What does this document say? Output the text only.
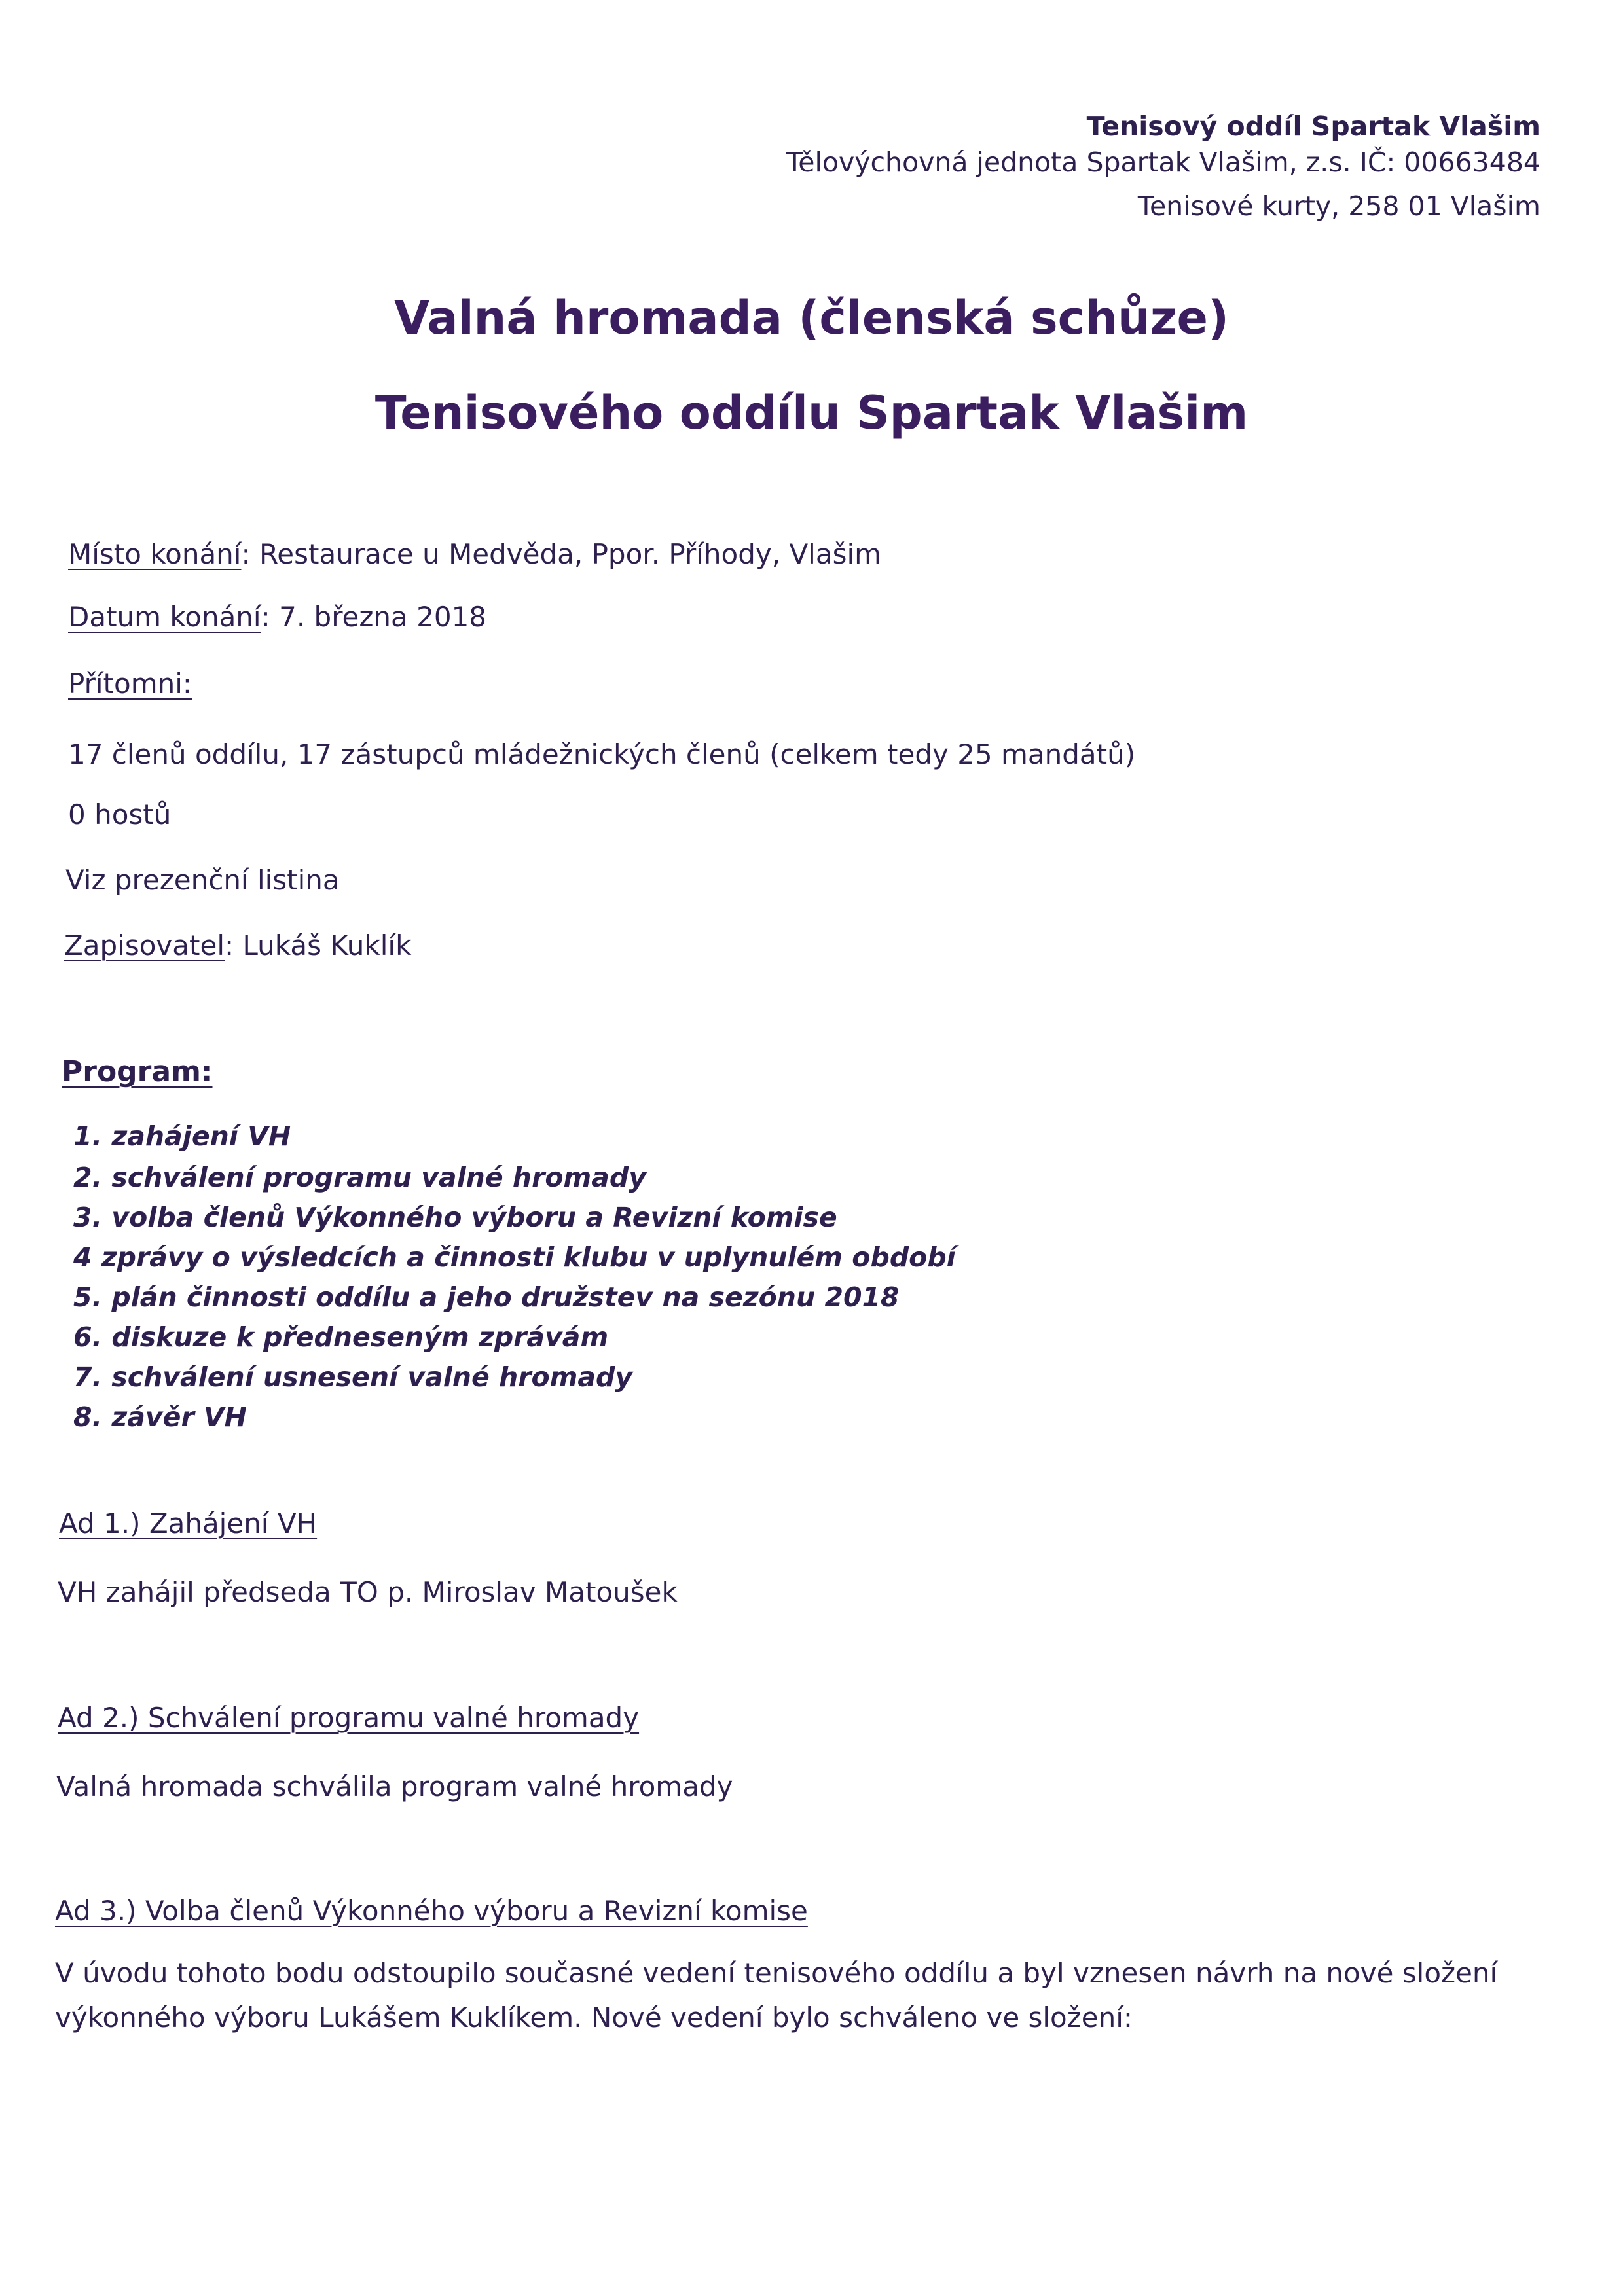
Tenisový oddíl Spartak Vlašim
Tělovýchovná jednota Spartak Vlašim, z.s. IČ: 00663484
Tenisové kurty, 258 01 Vlašim
Valná hromada (členská schůze)
Tenisového oddílu Spartak Vlašim
Místo konání: Restaurace u Medvěda, Ppor. Příhody, Vlašim
Datum konání: 7. března 2018
Přítomni:
17 členů oddílu, 17 zástupců mládežnických členů (celkem tedy 25 mandátů)
0 hostů
Viz prezenční listina
Zapisovatel: Lukáš Kuklík
Program:
1. zahájení VH
2. schválení programu valné hromady
3. volba členů Výkonného výboru a Revizní komise
4 zprávy o výsledcích a činnosti klubu v uplynulém období
5. plán činnosti oddílu a jeho družstev na sezónu 2018
6. diskuze k předneseným zprávám
7. schválení usnesení valné hromady
8. závěr VH
Ad 1.) Zahájení VH
VH zahájil předseda TO p. Miroslav Matoušek
Ad 2.) Schválení programu valné hromady
Valná hromada schválila program valné hromady
Ad 3.) Volba členů Výkonného výboru a Revizní komise
V úvodu tohoto bodu odstoupilo současné vedení tenisového oddílu a byl vznesen návrh na nové složení
výkonného výboru Lukášem Kuklíkem. Nové vedení bylo schváleno ve složení:
